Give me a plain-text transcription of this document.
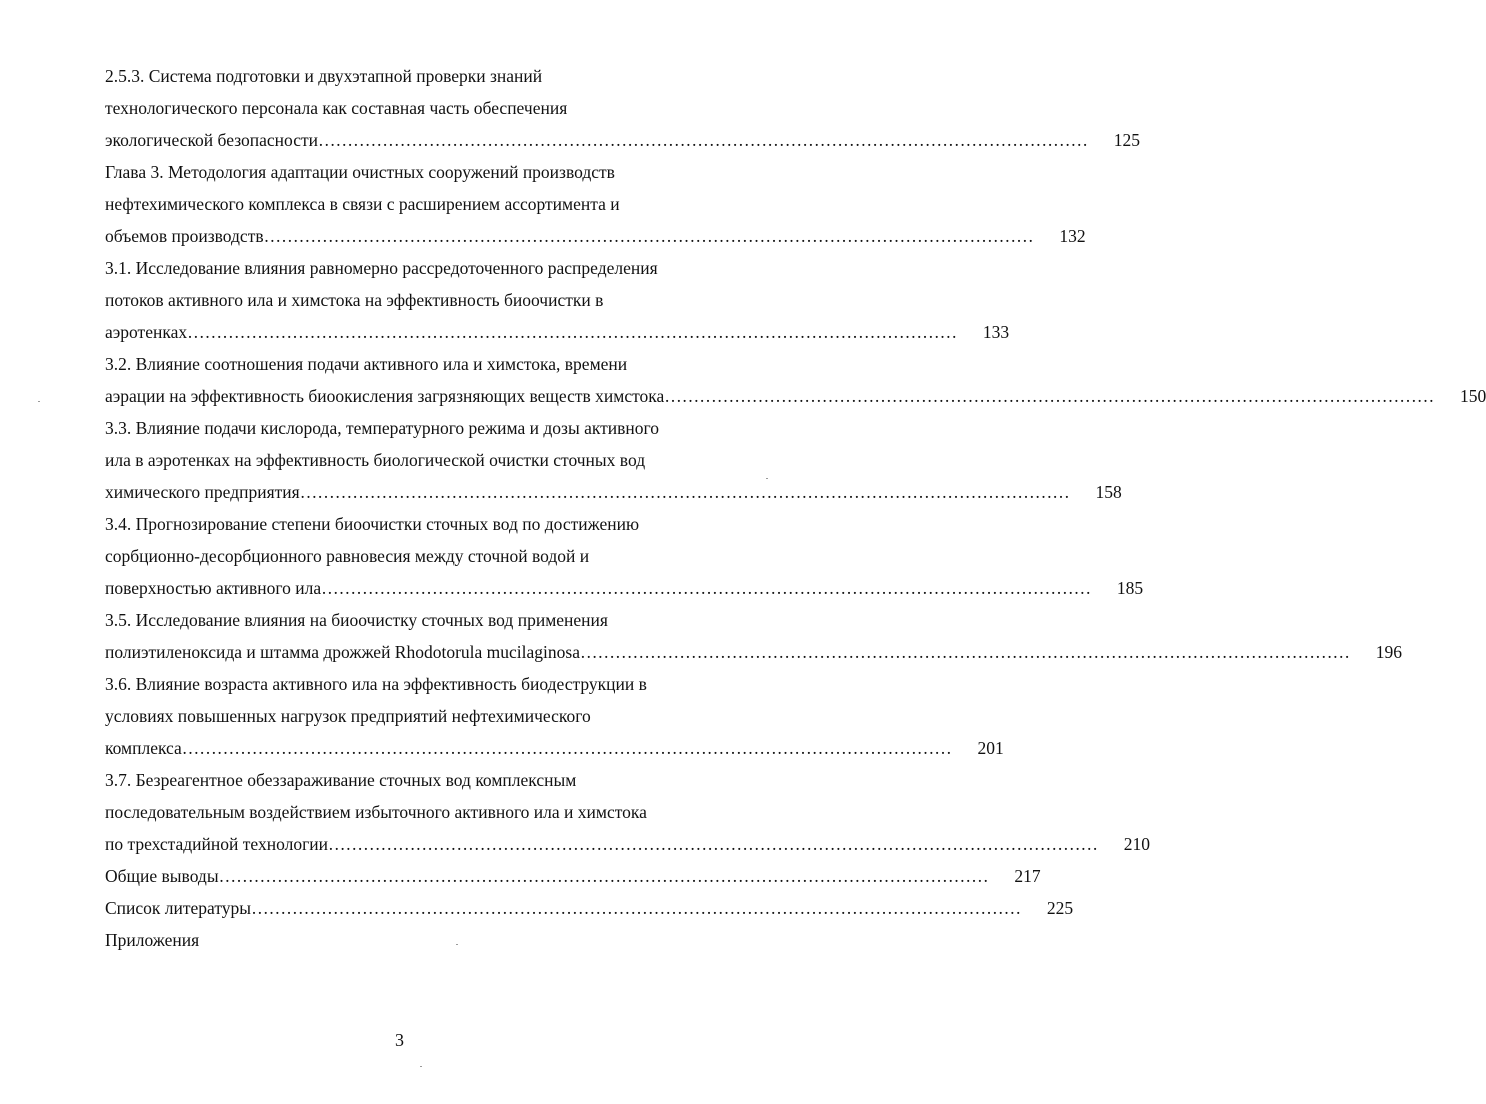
2.5.3. Система подготовки и двухэтапной проверки знаний
технологического персонала как составная часть обеспечения
экологической безопасности ……………………………………………………………………………………………………………………	125
Глава 3. Методология адаптации очистных сооружений производств
нефтехимического комплекса в связи с расширением ассортимента и
объемов производств ……………………………………………………………………………………………………………………	132
3.1. Исследование влияния равномерно рассредоточенного распределения
потоков активного ила и химстока на эффективность биоочистки в
аэротенках ……………………………………………………………………………………………………………………	133
3.2. Влияние соотношения подачи активного ила и химстока, времени
аэрации на эффективность биоокисления загрязняющих веществ химстока ……………………………………………………………………………………………………………………	150
3.3. Влияние подачи кислорода, температурного режима и дозы активного
ила в аэротенках на эффективность биологической очистки сточных вод
химического предприятия ……………………………………………………………………………………………………………………	158
3.4. Прогнозирование степени биоочистки сточных вод по достижению
сорбционно-десорбционного равновесия между сточной водой и
поверхностью активного ила ……………………………………………………………………………………………………………………	185
3.5. Исследование влияния на биоочистку сточных вод применения
полиэтиленоксида и штамма дрожжей Rhodotorula mucilaginosa ……………………………………………………………………………………………………………………	196
3.6. Влияние возраста активного ила на эффективность биодеструкции в
условиях повышенных нагрузок предприятий нефтехимического
комплекса ……………………………………………………………………………………………………………………	201
3.7. Безреагентное обеззараживание сточных вод комплексным
последовательным воздействием избыточного активного ила и химстока
по трехстадийной технологии ……………………………………………………………………………………………………………………	210
Общие выводы ……………………………………………………………………………………………………………………	217
Список литературы ……………………………………………………………………………………………………………………	225
Приложения
3
